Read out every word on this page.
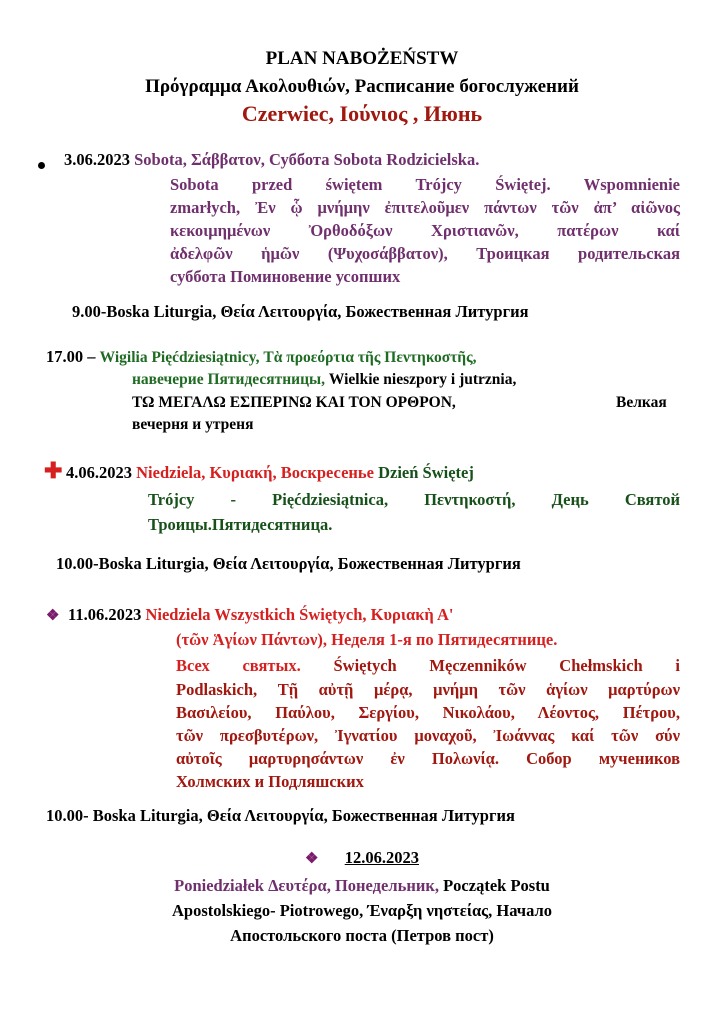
PLAN NABOŻEŃSTW
Πρόγραμμα Ακολουθιών, Расписание богослужений
Czerwiec, Ιούνιος , Июнь
3.06.2023 Sobota, Σάββατον, Суббота Sobota Rodzicielska.
Sobota przed świętem Trójcy Świętej. Wspomnienie
zmarłych, Ἐν ᾧ μνήμην ἐπιτελοῦμεν πάντων τῶν ἀπ’ αἰῶνος
κεκοιμημένων Ὀρθοδόξων Χριστιανῶν, πατέρων καί
ἀδελφῶν ἡμῶν (Ψυχοσάββατον), Троицкая родительская
суббота Поминовение усопших
9.00-Boska Liturgia, Θεία Λειτουργία, Божественная Литургия
17.00 – Wigilia Pięćdziesiątnicy, Τὰ προεόρτια τῆς Πεντηκοστῆς,
навечерие Пятидесятницы, Wielkie nieszpory i jutrznia,
ΤΩ ΜΕΓΑΛΩ ΕΣΠΕΡΙΝΩ ΚΑΙ ΤΟΝ ΟΡΘΡΟΝ,	Велкая
вечерня и утреня
✚ 4.06.2023 Niedziela, Κυριακή, Воскресенье Dzień Świętej
Trójcy - Pięćdziesiątnica, Πεντηκοστή, Деңь Святой
Троицы.Пятидесятница.
10.00-Boska Liturgia, Θεία Λειτουργία, Божественная Литургия
❖ 11.06.2023 Niedziela Wszystkich Świętych, Κυριακὴ Α'
(τῶν Ἁγίων Πάντων), Неделя 1-я по Пятидесятнице.
Всех святых. Świętych Męczenników Chełmskich i
Podlaskich, Τῇ αὐτῇ μέρᾳ, μνήμη τῶν ἁγίων μαρτύρων
Βασιλείου, Παύλου, Σεργίου, Νικολάου, Λέοντος, Πέτρου,
τῶν πρεσβυτέρων, Ἰγνατίου μοναχοῦ, Ἰωάννας καί τῶν σύν
αὐτοῖς μαρτυρησάντων ἐν Πολωνίᾳ. Собор мучеников
Холмских и Подляшских
10.00- Boska Liturgia, Θεία Λειτουργία, Божественная Литургия
❖ 12.06.2023
Poniedziałek Δευτέρα, Понедельник, Początek Postu
Apostolskiego- Piotrowego, Έναρξη νηστείας, Начало
Апостольского поста (Петров пост)
